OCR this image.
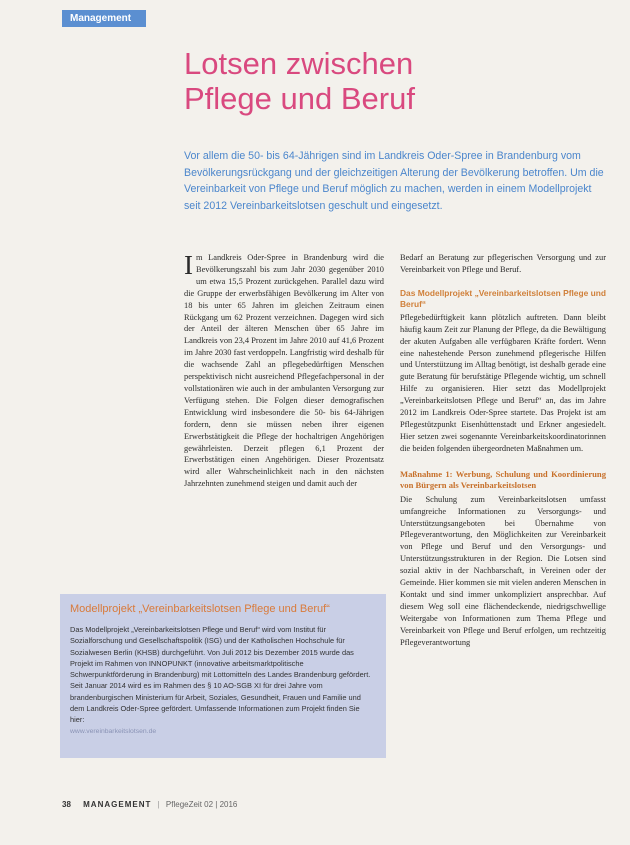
Management
Lotsen zwischen
Pflege und Beruf
Vor allem die 50- bis 64-Jährigen sind im Landkreis Oder-Spree in Brandenburg vom Bevölkerungsrückgang und der gleichzeitigen Alterung der Bevölkerung betroffen. Um die Vereinbarkeit von Pflege und Beruf möglich zu machen, werden in einem Modellprojekt seit 2012 Vereinbarkeitslotsen geschult und eingesetzt.

Im Landkreis Oder-Spree in Brandenburg wird die Bevölkerungszahl bis zum Jahr 2030 gegenüber 2010 um etwa 15,5 Prozent zurückgehen. Parallel dazu wird die Gruppe der erwerbsfähigen Bevölkerung im Alter von 18 bis unter 65 Jahren im gleichen Zeitraum einen Rückgang um 62 Prozent verzeichnen. Dagegen wird sich der Anteil der älteren Menschen über 65 Jahre im Landkreis von 23,4 Prozent im Jahre 2010 auf 41,6 Prozent im Jahre 2030 fast verdoppeln. Langfristig wird deshalb für die wachsende Zahl an pflegebedürftigen Menschen perspektivisch nicht ausreichend Pflegefachpersonal in der vollstationären wie auch in der ambulanten Versorgung zur Verfügung stehen. Die Folgen dieser demografischen Entwicklung wird insbesondere die 50- bis 64-Jährigen fordern, denn sie müssen neben ihrer eigenen Erwerbstätigkeit die Pflege der hochaltrigen Angehörigen gewährleisten. Derzeit pflegen 6,1 Prozent der Erwerbstätigen einen Angehörigen. Dieser Prozentsatz wird aller Wahrscheinlichkeit nach in den nächsten Jahrzehnten zunehmend steigen und damit auch der

Bedarf an Beratung zur pflegerischen Versorgung und zur Vereinbarkeit von Pflege und Beruf.

Das Modellprojekt „Vereinbarkeitslotsen Pflege und Beruf“

Pflegebedürftigkeit kann plötzlich auftreten. Dann bleibt häufig kaum Zeit zur Planung der Pflege, da die Bewältigung der akuten Aufgaben alle verfügbaren Kräfte fordert. Wenn eine nahestehende Person zunehmend pflegerische Hilfen und Unterstützung im Alltag benötigt, ist deshalb gerade eine gute Beratung für berufstätige Pflegende wichtig, um schnell Hilfe zu organisieren. Hier setzt das Modellprojekt „Vereinbarkeitslotsen Pflege und Beruf“ an, das im Jahre 2012 im Landkreis Oder-Spree startete. Das Projekt ist am Pflegestützpunkt Eisenhüttenstadt und Erkner angesiedelt. Hier setzen zwei sogenannte Vereinbarkeitskoordinatorinnen die beiden folgenden übergeordneten Maßnahmen um.

Maßnahme 1: Werbung, Schulung und Koordinierung von Bürgern als Vereinbarkeitslotsen

Die Schulung zum Vereinbarkeitslotsen umfasst umfangreiche Informationen zu Versorgungs- und Unterstützungsangeboten bei Übernahme von Pflegeverantwortung, den Möglichkeiten zur Vereinbarkeit von Pflege und Beruf und den Versorgungs- und Unterstützungsstrukturen in der Region. Die Lotsen sind sozial aktiv in der Nachbarschaft, in Vereinen oder der Gemeinde. Hier kommen sie mit vielen anderen Menschen in Kontakt und sind immer unkompliziert ansprechbar. Auf diesem Weg soll eine flächendeckende, niedrigschwellige Weitergabe von Informationen zum Thema Pflege und Vereinbarkeit von Pflege und Beruf erfolgen, um rechtzeitig Pflegeverantwortung

Modellprojekt „Vereinbarkeitslotsen Pflege und Beruf“

Das Modellprojekt „Vereinbarkeitslotsen Pflege und Beruf“ wird vom Institut für Sozialforschung und Gesellschaftspolitik (ISG) und der Katholischen Hochschule für Sozialwesen Berlin (KHSB) durchgeführt. Von Juli 2012 bis Dezember 2015 wurde das Projekt im Rahmen von INNOPUNKT (innovative arbeitsmarktpolitische Schwerpunktförderung in Brandenburg) mit Lottomitteln des Landes Brandenburg gefördert. Seit Januar 2014 wird es im Rahmen des § 10 AO-SGB XI für drei Jahre vom brandenburgischen Ministerium für Arbeit, Soziales, Gesundheit, Frauen und Familie und dem Landkreis Oder-Spree gefördert. Umfassende Informationen zum Projekt finden Sie hier:

www.vereinbarkeitslotsen.de
38 MANAGEMENT | PflegeZeit 02 | 2016
